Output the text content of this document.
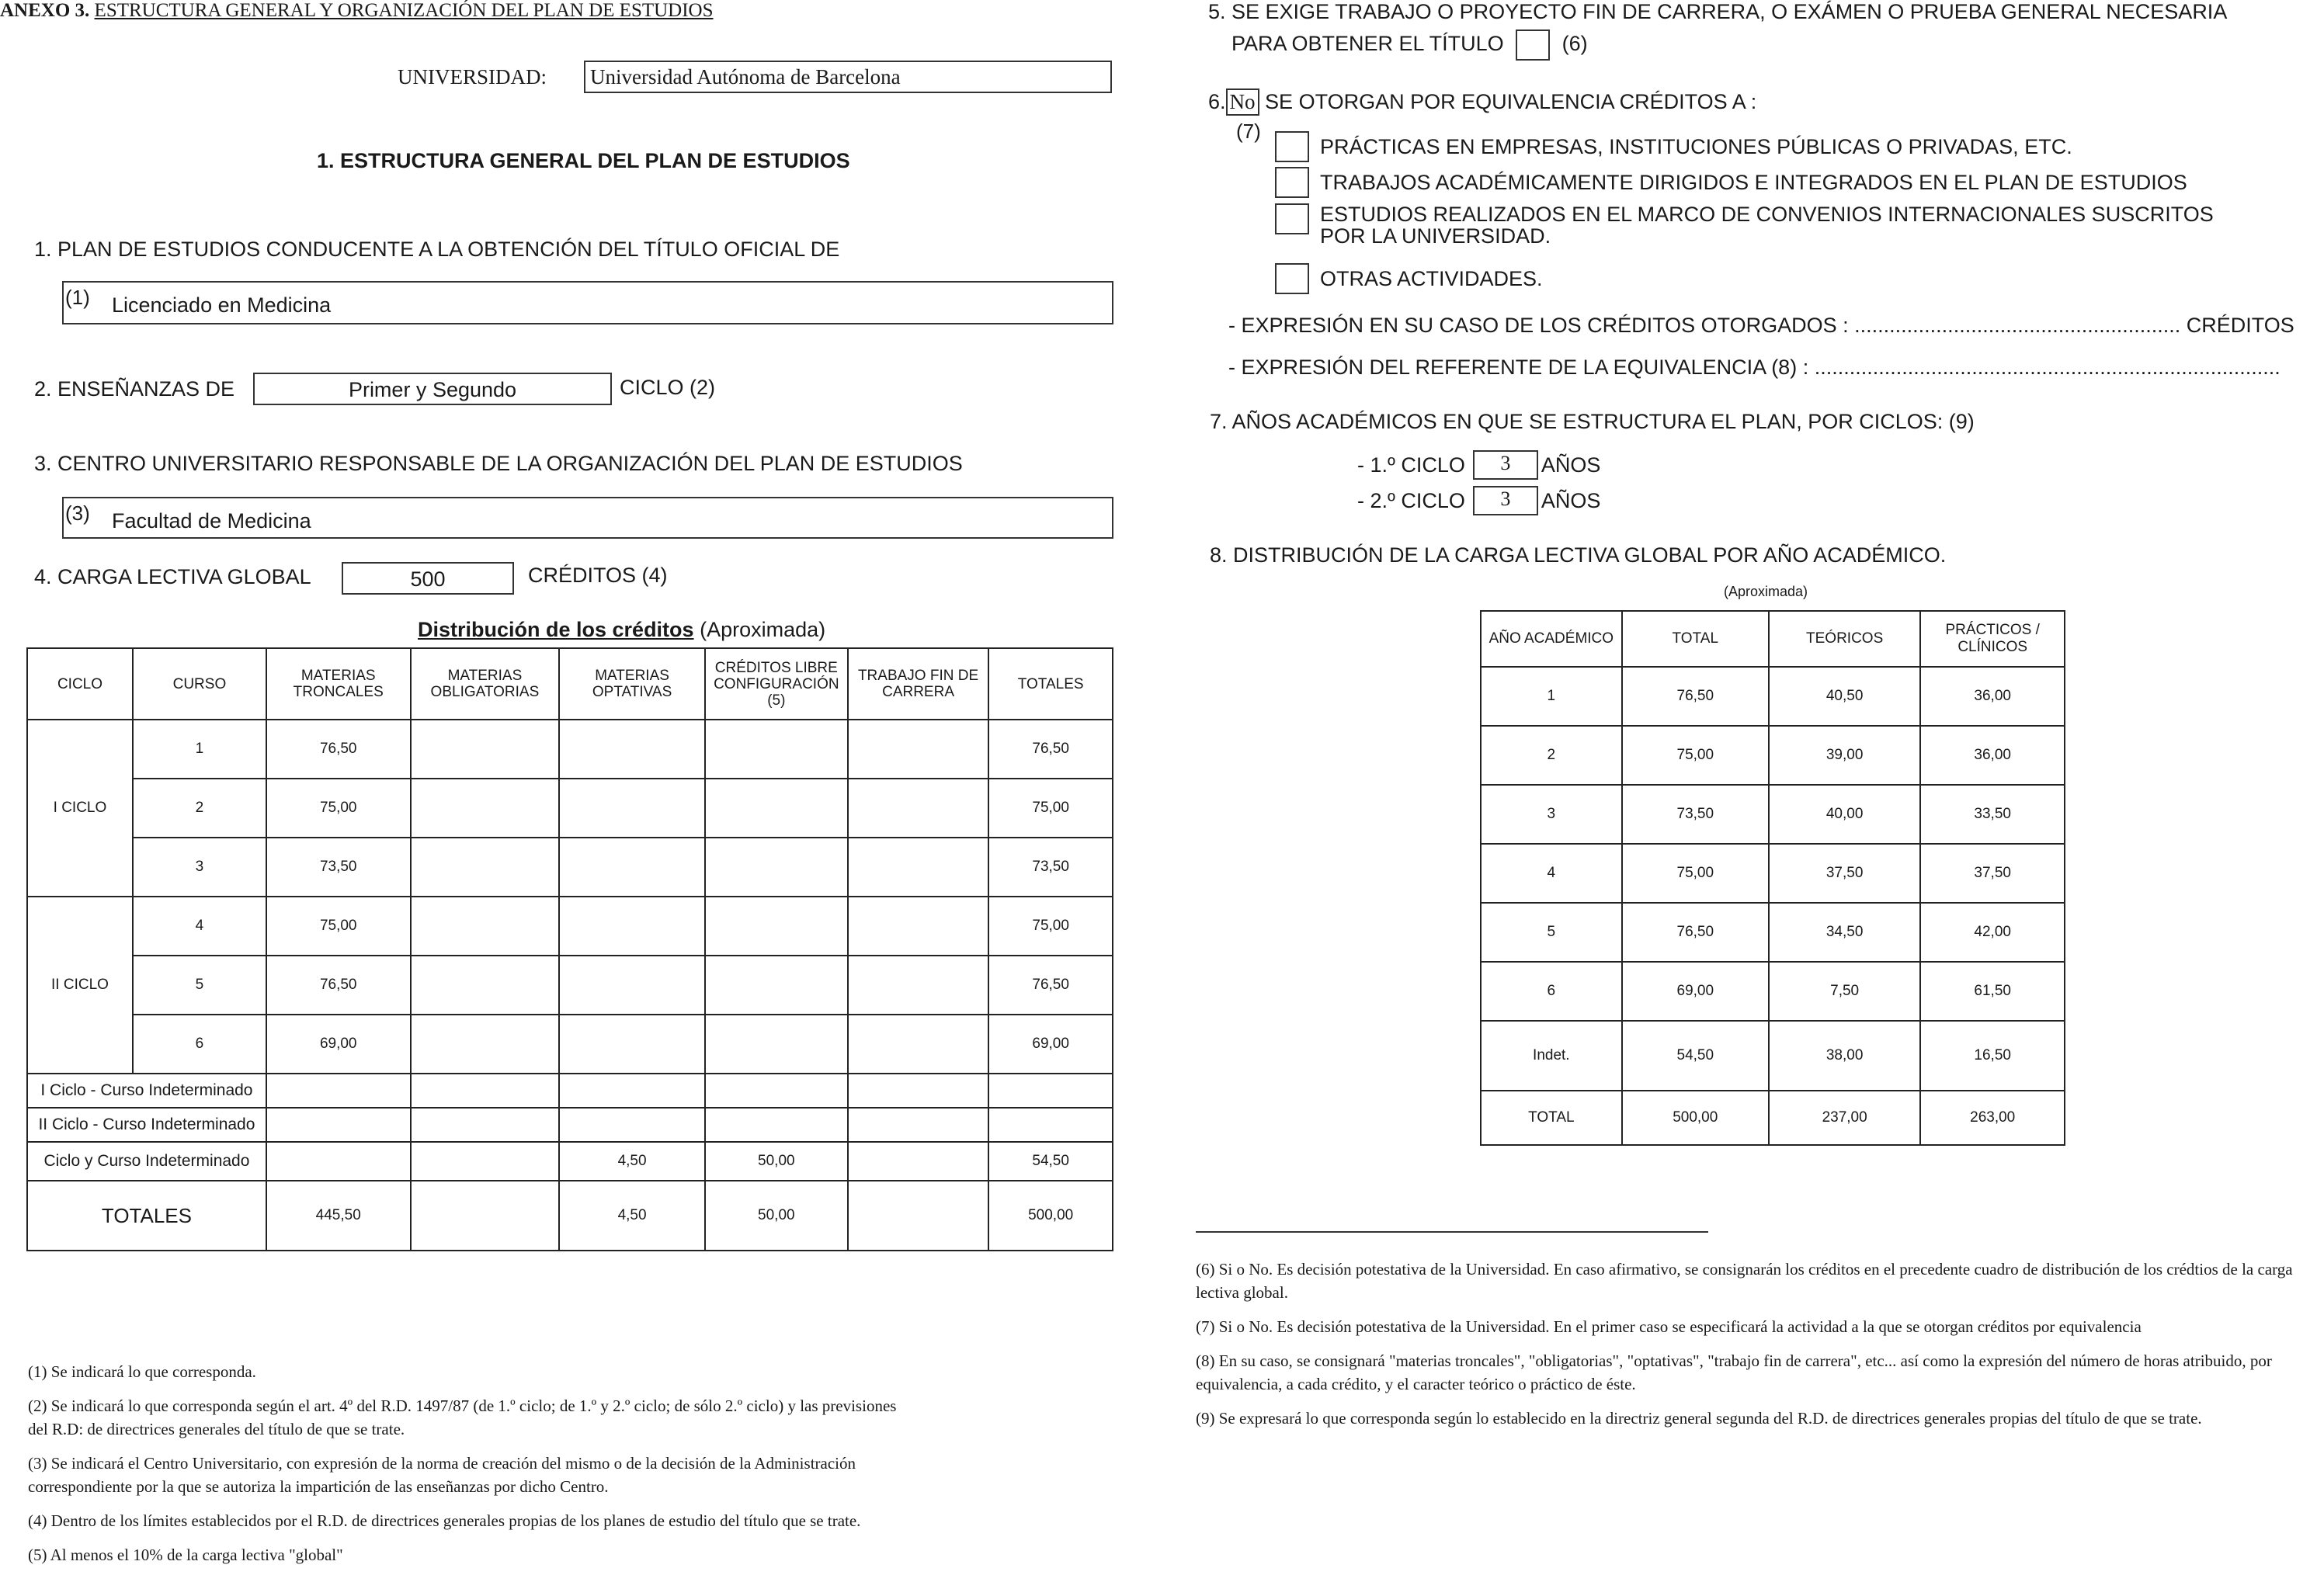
ANEXO 3. ESTRUCTURA GENERAL Y ORGANIZACIÓN DEL PLAN DE ESTUDIOS
UNIVERSIDAD: Universidad Autónoma de Barcelona
1. ESTRUCTURA GENERAL DEL PLAN DE ESTUDIOS
1. PLAN DE ESTUDIOS CONDUCENTE A LA OBTENCIÓN DEL TÍTULO OFICIAL DE
(1) Licenciado en Medicina
2. ENSEÑANZAS DE	Primer y Segundo	CICLO (2)
3. CENTRO UNIVERSITARIO RESPONSABLE DE LA ORGANIZACIÓN DEL PLAN DE ESTUDIOS
(3) Facultad de Medicina
4. CARGA LECTIVA GLOBAL	500	CRÉDITOS (4)
Distribución de los créditos (Aproximada)
CICLO	CURSO	MATERIAS TRONCALES	MATERIAS OBLIGATORIAS	MATERIAS OPTATIVAS	CRÉDITOS LIBRE CONFIGURACIÓN (5)	TRABAJO FIN DE CARRERA	TOTALES
I CICLO	1	76,50					76,50
	2	75,00					75,00
	3	73,50					73,50
II CICLO	4	75,00					75,00
	5	76,50					76,50
	6	69,00					69,00
I Ciclo - Curso Indeterminado							
II Ciclo - Curso Indeterminado							
Ciclo y Curso Indeterminado				4,50	50,00		54,50
TOTALES		445,50		4,50	50,00		500,00

(1) Se indicará lo que corresponda.

(2) Se indicará lo que corresponda según el art. 4º del R.D. 1497/87 (de 1.º ciclo; de 1.º y 2.º ciclo; de sólo 2.º ciclo) y las previsiones del R.D: de directrices generales del título de que se trate.

(3) Se indicará el Centro Universitario, con expresión de la norma de creación del mismo o de la decisión de la Administración correspondiente por la que se autoriza la impartición de las enseñanzas por dicho Centro.

(4) Dentro de los límites establecidos por el R.D. de directrices generales propias de los planes de estudio del título que se trate.

(5) Al menos el 10% de la carga lectiva "global"

5. SE EXIGE TRABAJO O PROYECTO FIN DE CARRERA, O EXÁMEN O PRUEBA GENERAL NECESARIA
PARA OBTENER EL TÍTULO	(6)
6. No SE OTORGAN POR EQUIVALENCIA CRÉDITOS A :
(7)
PRÁCTICAS EN EMPRESAS, INSTITUCIONES PÚBLICAS O PRIVADAS, ETC.
TRABAJOS ACADÉMICAMENTE DIRIGIDOS E INTEGRADOS EN EL PLAN DE ESTUDIOS
ESTUDIOS REALIZADOS EN EL MARCO DE CONVENIOS INTERNACIONALES SUSCRITOS POR LA UNIVERSIDAD.
OTRAS ACTIVIDADES.
- EXPRESIÓN EN SU CASO DE LOS CRÉDITOS OTORGADOS : ........................................................ CRÉDITOS
- EXPRESIÓN DEL REFERENTE DE LA EQUIVALENCIA (8) : ................................................................................
7. AÑOS ACADÉMICOS EN QUE SE ESTRUCTURA EL PLAN, POR CICLOS: (9)
- 1.º CICLO	3	AÑOS
- 2.º CICLO	3	AÑOS
8. DISTRIBUCIÓN DE LA CARGA LECTIVA GLOBAL POR AÑO ACADÉMICO.
(Aproximada)
AÑO ACADÉMICO	TOTAL	TEÓRICOS	PRÁCTICOS / CLÍNICOS
1	76,50	40,50	36,00
2	75,00	39,00	36,00
3	73,50	40,00	33,50
4	75,00	37,50	37,50
5	76,50	34,50	42,00
6	69,00	7,50	61,50
Indet.	54,50	38,00	16,50
TOTAL	500,00	237,00	263,00

(6) Si o No. Es decisión potestativa de la Universidad. En caso afirmativo, se consignarán los créditos en el precedente cuadro de distribución de los crédtios de la carga lectiva global.

(7) Si o No. Es decisión potestativa de la Universidad. En el primer caso se especificará la actividad a la que se otorgan créditos por equivalencia

(8) En su caso, se consignará "materias troncales", "obligatorias", "optativas", "trabajo fin de carrera", etc... así como la expresión del número de horas atribuido, por equivalencia, a cada crédito, y el caracter teórico o práctico de éste.

(9) Se expresará lo que corresponda según lo establecido en la directriz general segunda del R.D. de directrices generales propias del título de que se trate.
